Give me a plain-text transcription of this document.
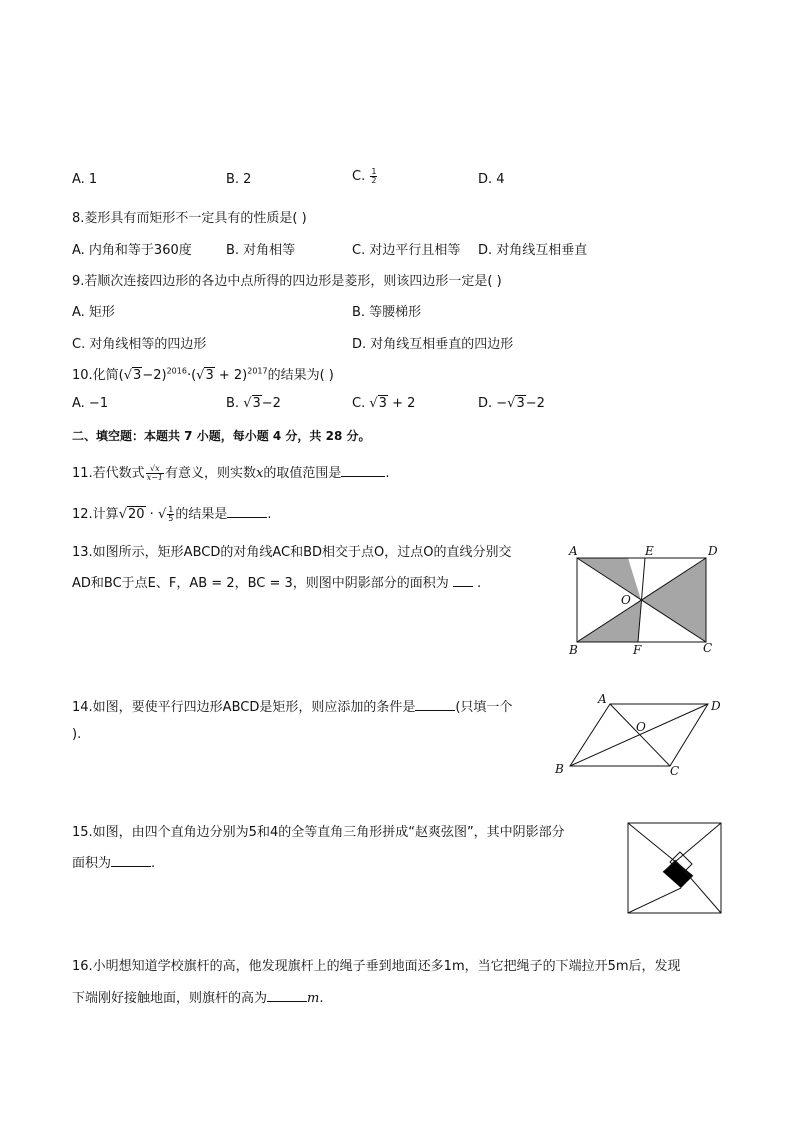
A. 1	B. 2	C. $\frac{1}{2}$	D. 4
8.菱形具有而矩形不一定具有的性质是( )
A. 内角和等于360度	B. 对角相等	C. 对边平行且相等 D. 对角线互相垂直
9.若顺次连接四边形的各边中点所得的四边形是菱形，则该四边形一定是( )
A. 矩形	B. 等腰梯形
C. 对角线相等的四边形	D. 对角线互相垂直的四边形
10.化简$(√3-2)^{2016}\cdot(√3 + 2)^{2017}$的结果为( )
A. −1	B. √3−2	C. √3 + 2	D. −√3−2
二、填空题：本题共 7 小题，每小题 4 分，共 28 分。
11.若代数式 $\frac{√x}{x-1}$ 有意义，则实数x的取值范围是	.
12.计算√20 · √ $\frac{1}{5}$ 的结果是	.
13.如图所示，矩形ABCD的对角线AC和BD相交于点O，过点O的直线分别交
AD和BC于点E、F，AB = 2，BC = 3，则图中阴影部分的面积为 .
A	E	D
O
B	F	C
14.如图，要使平行四边形ABCD是矩形，则应添加的条件是	(只填一个
).
A	D
O
B	C
15.如图，由四个直角边分别为5和4的全等直角三角形拼成“赵爽弦图”，其中阴影部分
面积为	.
16.小明想知道学校旗杆的高，他发现旗杆上的绳子垂到地面还多1m，当它把绳子的下端拉开5m后，发现
下端刚好接触地面，则旗杆的高为	m.
